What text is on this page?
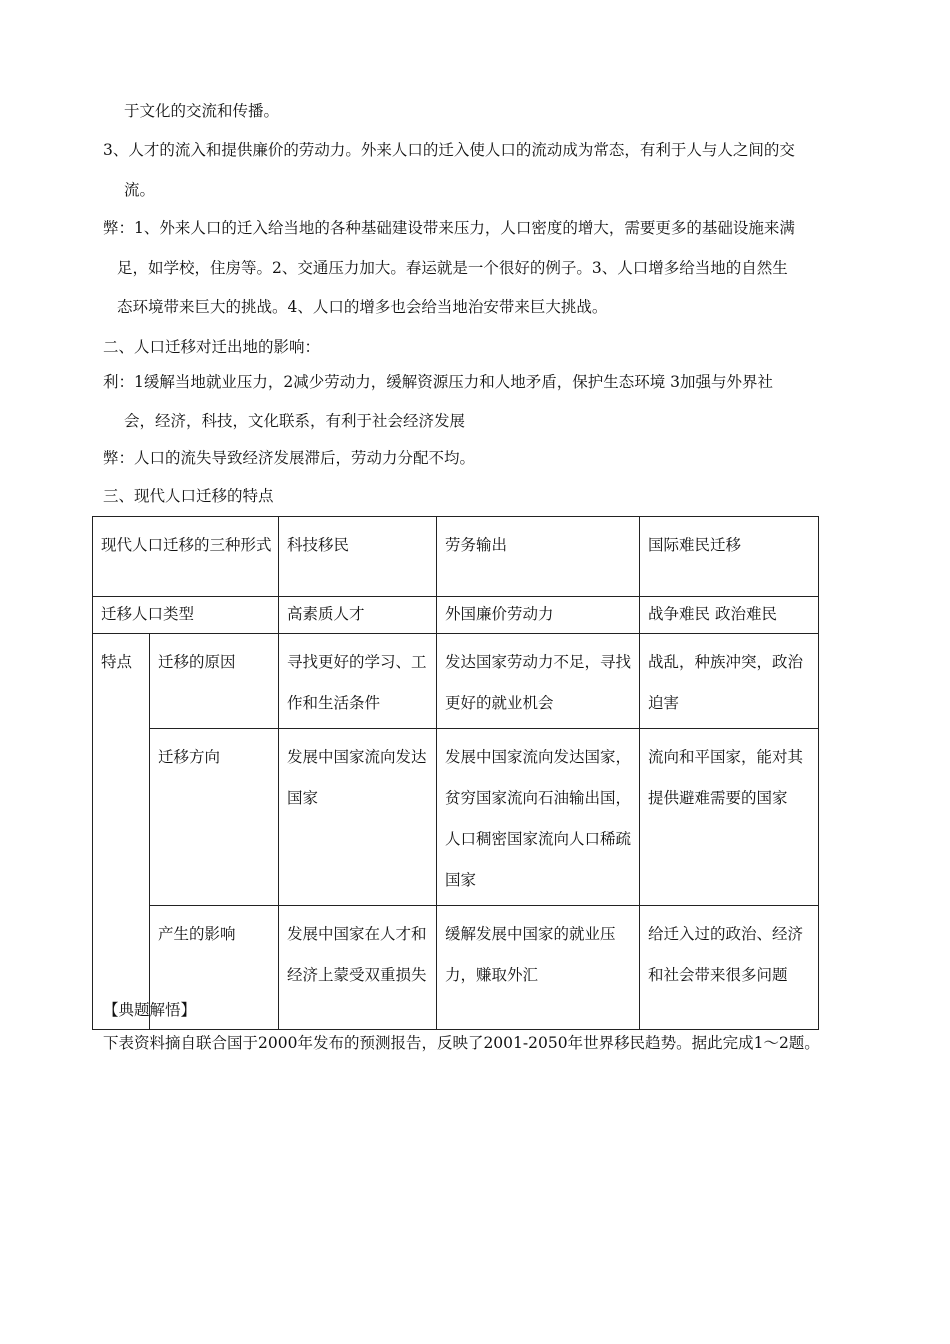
于文化的交流和传播。
3、人才的流入和提供廉价的劳动力。外来人口的迁入使人口的流动成为常态，有利于人与人之间的交
流。
弊：1、外来人口的迁入给当地的各种基础建设带来压力，人口密度的增大，需要更多的基础设施来满
足，如学校，住房等。2、交通压力加大。春运就是一个很好的例子。3、人口增多给当地的自然生
态环境带来巨大的挑战。4、人口的增多也会给当地治安带来巨大挑战。
二、人口迁移对迁出地的影响：
利：1缓解当地就业压力，2减少劳动力，缓解资源压力和人地矛盾，保护生态环境 3加强与外界社
会，经济，科技，文化联系，有利于社会经济发展
弊：人口的流失导致经济发展滞后，劳动力分配不均。
三、现代人口迁移的特点
现代人口迁移的三种形式		科技移民	劳务输出	国际难民迁移
迁移人口类型		高素质人才	外国廉价劳动力	战争难民 政治难民
特点	迁移的原因	寻找更好的学习、工作和生活条件	发达国家劳动力不足，寻找更好的就业机会	战乱，种族冲突，政治迫害
	迁移方向	发展中国家流向发达国家	发展中国家流向发达国家，贫穷国家流向石油输出国，人口稠密国家流向人口稀疏国家	流向和平国家，能对其提供避难需要的国家
	产生的影响	发展中国家在人才和经济上蒙受双重损失	缓解发展中国家的就业压力，赚取外汇	给迁入过的政治、经济和社会带来很多问题
【典题解悟】
下表资料摘自联合国于2000年发布的预测报告，反映了2001-2050年世界移民趋势。据此完成1～2题。
